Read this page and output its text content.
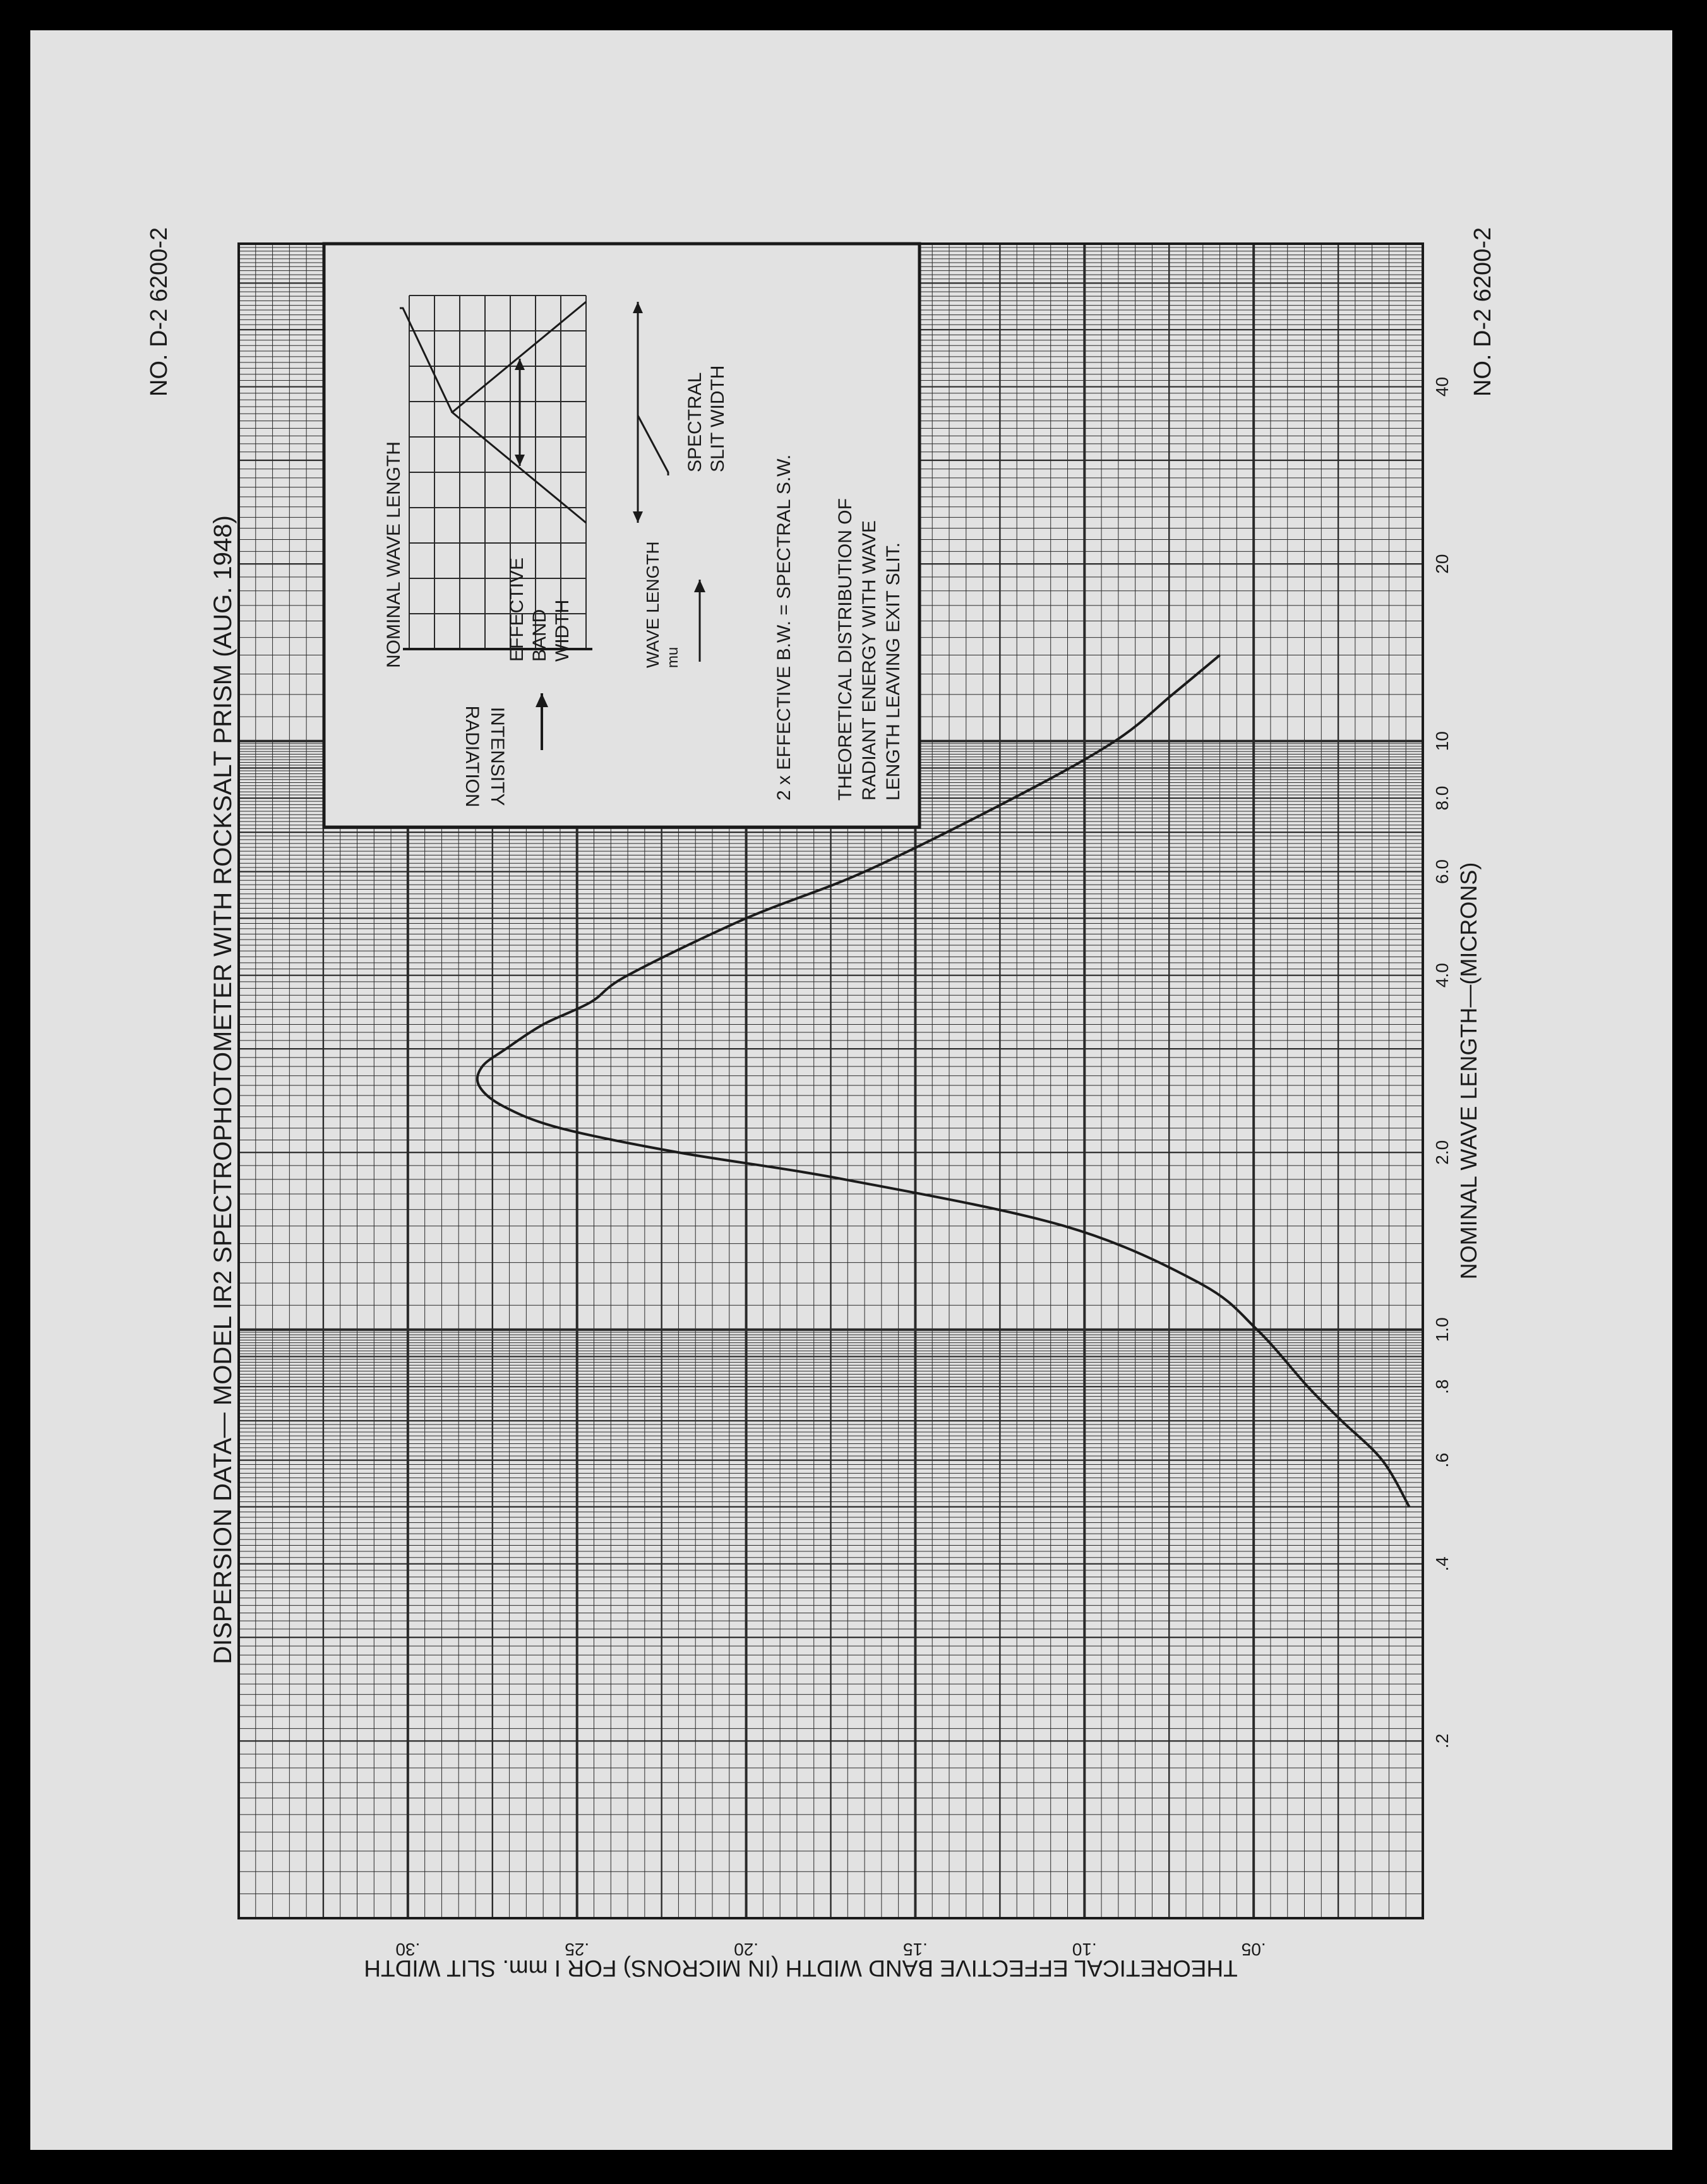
.2
.4
.6
.8
1.0
2.0
4.0
6.0
8.0
10
20
40
.05
.10
.15
.20
.25
.30
NOMINAL WAVE LENGTH	EFFECTIVE BAND WIDTH	WAVE LENGTH mu
SPECTRAL SLIT WIDTH
RADIATION INTENSITY	2 x EFFECTIVE B.W. = SPECTRAL S.W. THEORETICAL DISTRIBUTION OF RADIANT ENERGY WITH WAVE LENGTH LEAVING EXIT SLIT.
DISPERSION DATA— MODEL IR2 SPECTROPHOTOMETER WITH ROCKSALT PRISM (AUG. 1948)	NOMINAL WAVE LENGTH—(MICRONS)
THEORETICAL EFFECTIVE BAND WIDTH (IN MICRONS) FOR I mm. SLIT WIDTH
NO. D-2 6200-2	NO. D-2 6200-2
